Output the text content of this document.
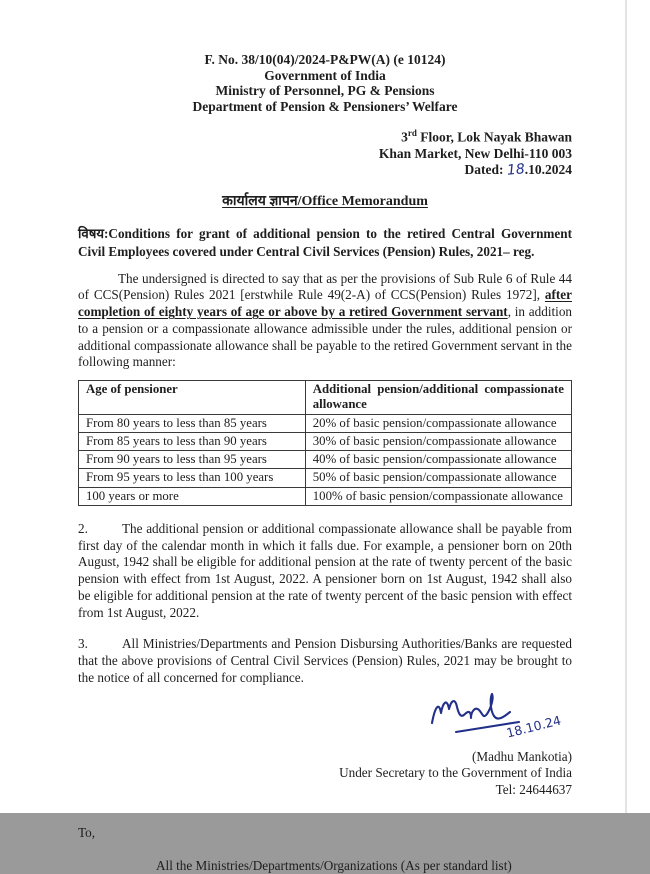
F. No. 38/10(04)/2024-P&PW(A) (e 10124)
Government of India
Ministry of Personnel, PG & Pensions
Department of Pension & Pensioners’ Welfare
3rd Floor, Lok Nayak Bhawan
Khan Market, New Delhi-110 003
Dated: 18.10.2024
कार्यालय ज्ञापन/Office Memorandum

विषय:Conditions for grant of additional pension to the retired Central Government Civil Employees covered under Central Civil Services (Pension) Rules, 2021– reg.

The undersigned is directed to say that as per the provisions of Sub Rule 6 of Rule 44 of CCS(Pension) Rules 2021 [erstwhile Rule 49(2-A) of CCS(Pension) Rules 1972], after completion of eighty years of age or above by a retired Government servant, in addition to a pension or a compassionate allowance admissible under the rules, additional pension or additional compassionate allowance shall be payable to the retired Government servant in the following manner:

Age of pensioner	Additional pension/additional compassionate allowance
From 80 years to less than 85 years	20% of basic pension/compassionate allowance
From 85 years to less than 90 years	30% of basic pension/compassionate allowance
From 90 years to less than 95 years	40% of basic pension/compassionate allowance
From 95 years to less than 100 years	50% of basic pension/compassionate allowance
100 years or more	100% of basic pension/compassionate allowance

2.	The additional pension or additional compassionate allowance shall be payable from first day of the calendar month in which it falls due. For example, a pensioner born on 20th August, 1942 shall be eligible for additional pension at the rate of twenty percent of the basic pension with effect from 1st August, 2022. A pensioner born on 1st August, 1942 shall also be eligible for additional pension at the rate of twenty percent of the basic pension with effect from 1st August, 2022.

3.	All Ministries/Departments and Pension Disbursing Authorities/Banks are requested that the above provisions of Central Civil Services (Pension) Rules, 2021 may be brought to the notice of all concerned for compliance.

18.10.24
(Madhu Mankotia)
Under Secretary to the Government of India
Tel: 24644637
To,
All the Ministries/Departments/Organizations (As per standard list)
